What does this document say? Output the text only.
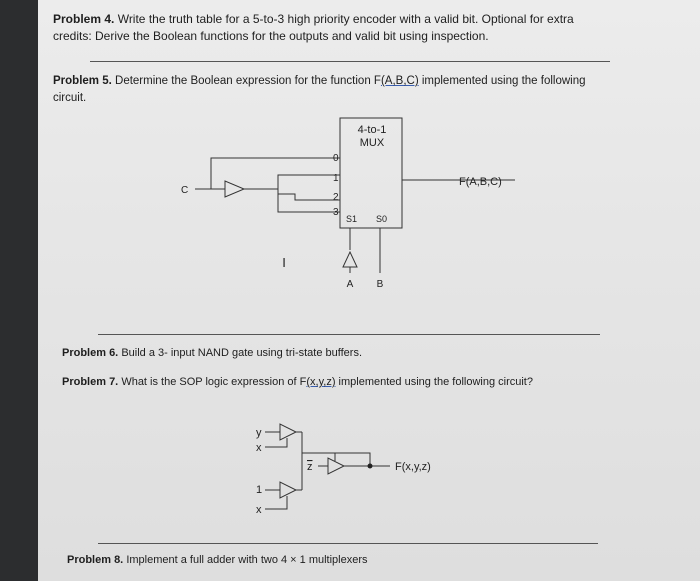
Problem 4. Write the truth table for a 5-to-3 high priority encoder with a valid bit. Optional for extra credits: Derive the Boolean functions for the outputs and valid bit using inspection.
Problem 5. Determine the Boolean expression for the function F(A,B,C) implemented using the following circuit.
4-to-1
MUX
0
1
2
3
S1 S0
F(A,B,C)
C
A B
I
y
x
z
1
x
F(x,y,z)
Problem 6. Build a 3- input NAND gate using tri-state buffers.
Problem 7. What is the SOP logic expression of F(x,y,z) implemented using the following circuit?
Problem 8. Implement a full adder with two 4 × 1 multiplexers
